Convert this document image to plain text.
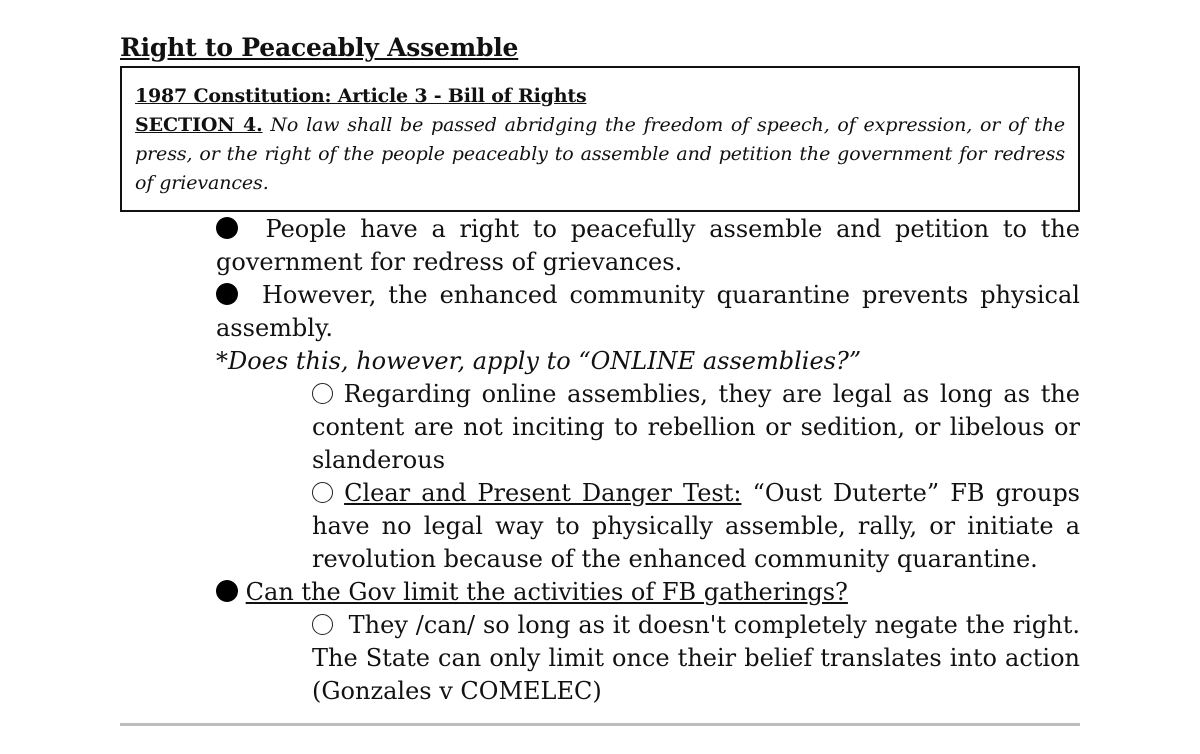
Right to Peaceably Assemble
1987 Constitution: Article 3 - Bill of Rights
SECTION 4. No law shall be passed abridging the freedom of speech, of expression, or of the press, or the right of the people peaceably to assemble and petition the government for redress of grievances.
People have a right to peacefully assemble and petition to the government for redress of grievances.
However, the enhanced community quarantine prevents physical assembly.
*Does this, however, apply to “ONLINE assemblies?”
Regarding online assemblies, they are legal as long as the content are not inciting to rebellion or sedition, or libelous or slanderous
Clear and Present Danger Test: “Oust Duterte” FB groups have no legal way to physically assemble, rally, or initiate a revolution because of the enhanced community quarantine.
Can the Gov limit the activities of FB gatherings?
They /can/ so long as it doesn't completely negate the right. The State can only limit once their belief translates into action (Gonzales v COMELEC)
